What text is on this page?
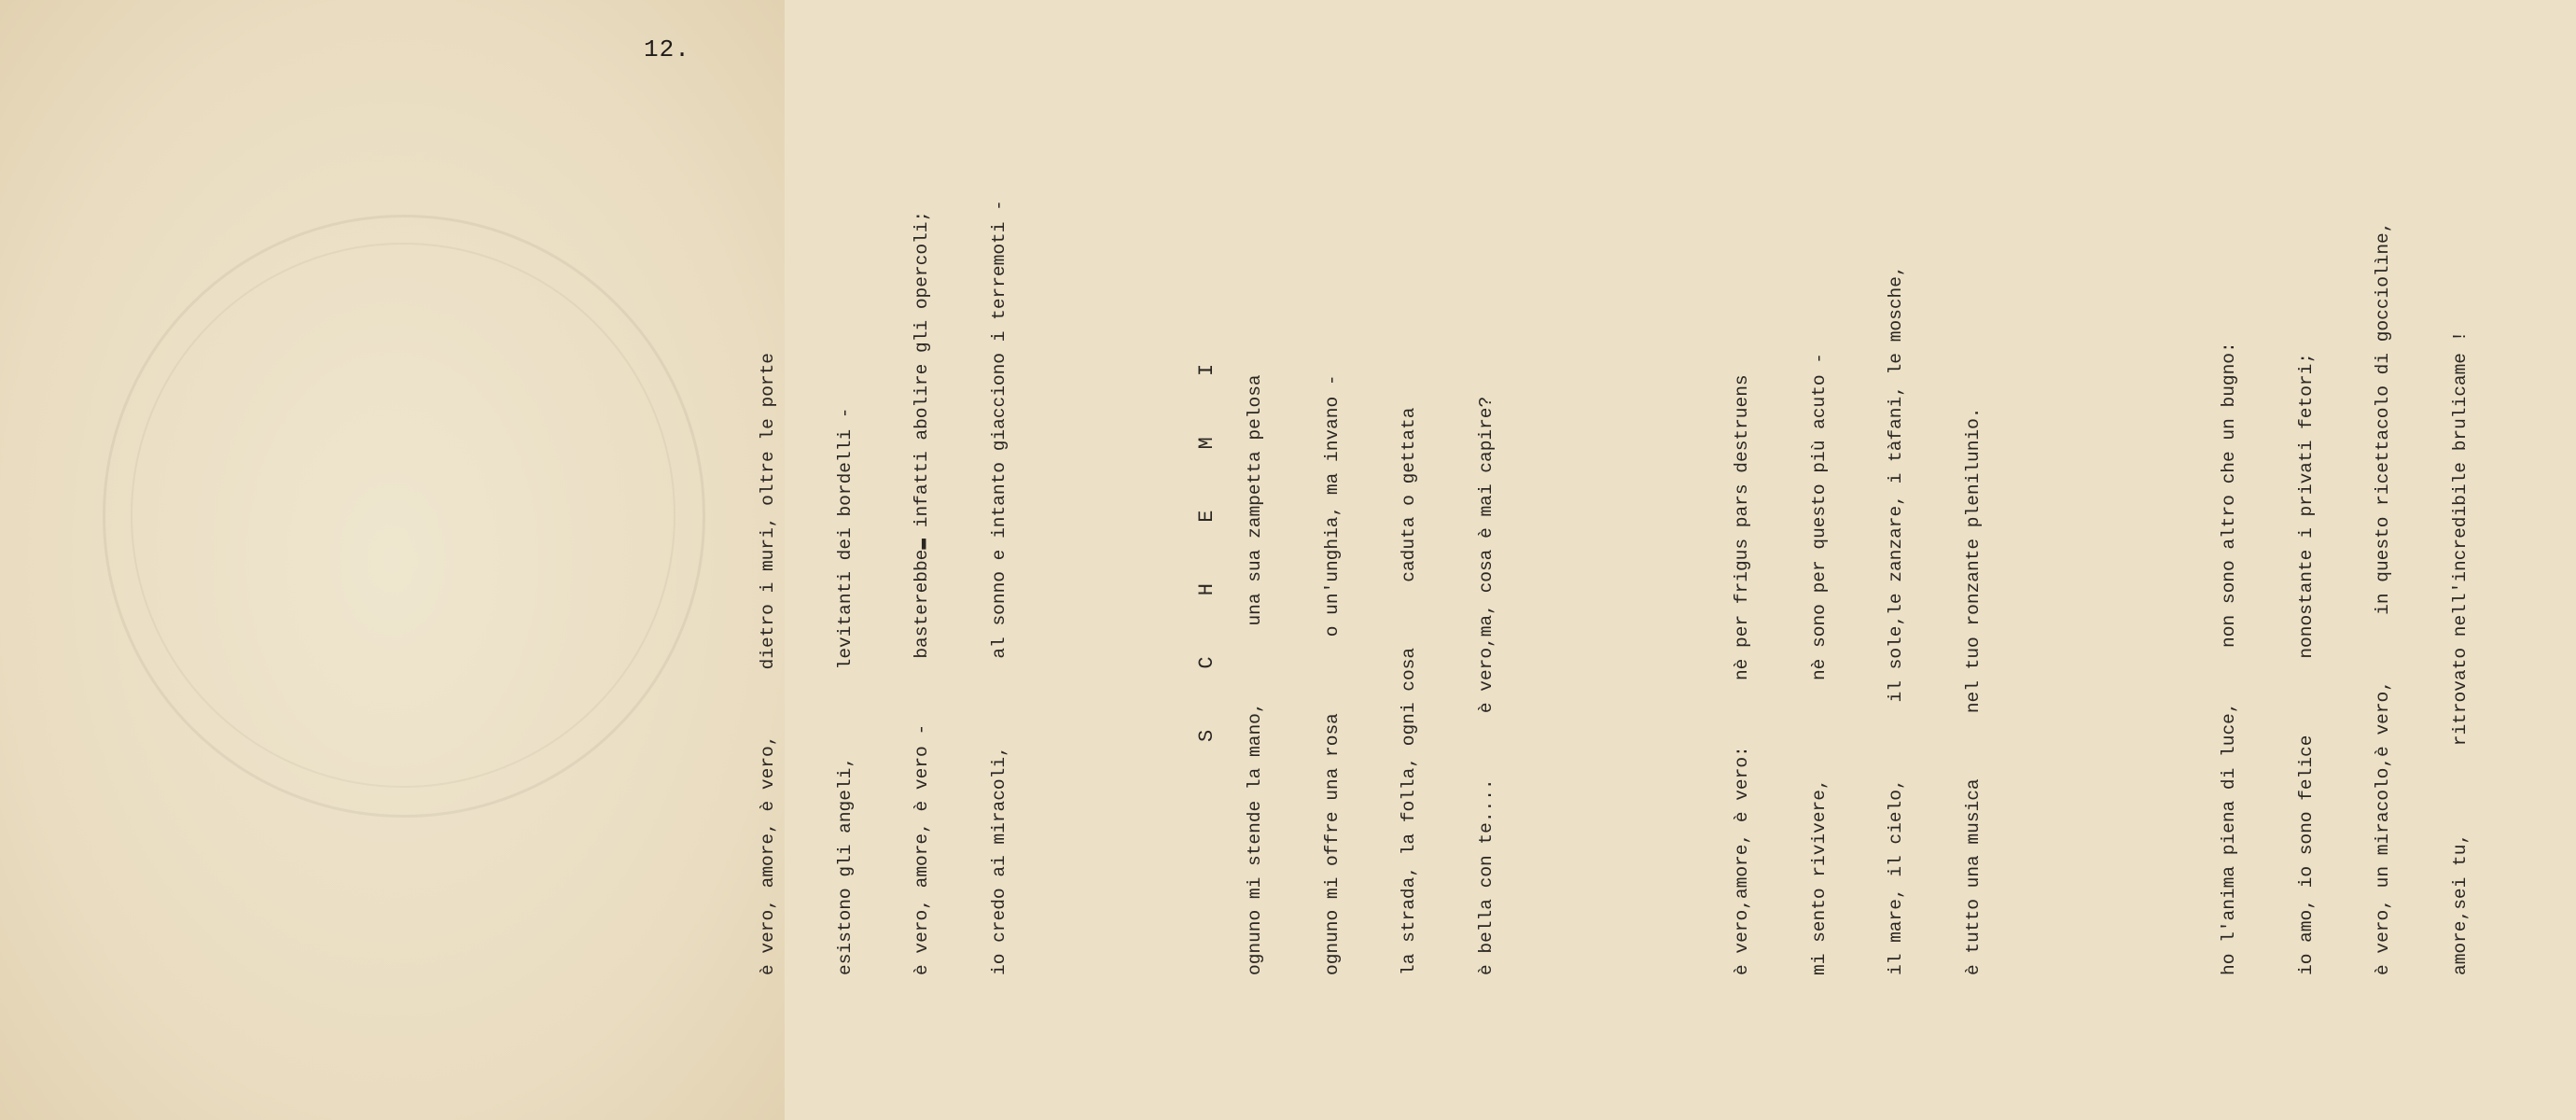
12.

S C H E M I

è vero, amore, è vero,      dietro i muri, oltre le porte

	esistono gli angeli,        levitanti dei bordelli -

	è vero, amore, è vero -      basterebbe▬ infatti abolire gli opercoli;

	io credo ai miracoli,        al sonno e intanto giacciono i terremoti -

	ognuno mi stende la mano,       una sua zampetta pelosa

	ognuno mi offre una rosa       o un'unghia, ma invano -

	la strada, la folla, ogni cosa      caduta o gettata

	è bella con te....      è vero,ma, cosa è mai capire?

	è vero,amore, è vero:      nè per frigus pars destruens

	mi sento rivivere,         nè sono per questo più acuto -

	il mare, il cielo,       il sole,le zanzare, i tàfani, le mosche,

	è tutto una musica      nel tuo ronzante plenilunio.

	ho l'anima piena di luce,     non sono altro che un bugno:

	io amo, io sono felice       nonostante i privati fetori;

	è vero, un miracolo,è vero,      in questo ricettacolo di gocciolìne,

	amore,sei tu,        ritrovato nell'incredibile brulicame !
